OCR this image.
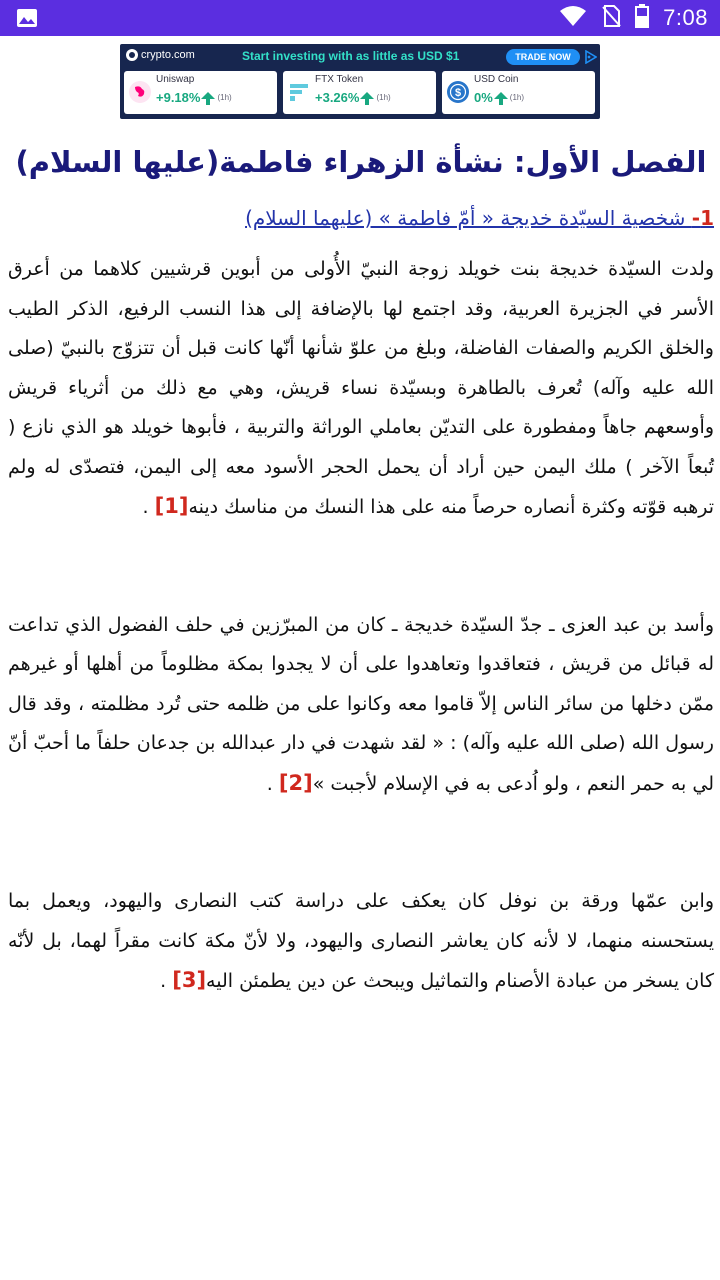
7:08
crypto.com	Start investing with as little as USD $1	TRADE NOW
Uniswap
+9.18% (1h)
FTX Token
+3.26% (1h)	$
USD Coin
0% (1h)
الفصل الأول: نشأة الزهراء فاطمة(عليها السلام)
1- شخصية السيّدة خديجة « أمّ فاطمة » (عليهما السلام)

ولدت السيّدة خديجة بنت خويلد زوجة النبيّ الأُولى من أبوين قرشيين كلاهما من أعرق الأسر في الجزيرة العربية، وقد اجتمع لها بالإضافة إلى هذا النسب الرفيع، الذكر الطيب والخلق الكريم والصفات الفاضلة، وبلغ من علوّ شأنها أنّها كانت قبل أن تتزوّج بالنبيّ (صلى الله عليه وآله) تُعرف بالطاهرة وبسيّدة نساء قريش، وهي مع ذلك من أثرياء قريش وأوسعهم جاهاً ومفطورة على التديّن بعاملي الوراثة والتربية ، فأبوها خويلد هو الذي نازع ( تُبعاً الآخر ) ملك اليمن حين أراد أن يحمل الحجر الأسود معه إلى اليمن، فتصدّى له ولم ترهبه قوّته وكثرة أنصاره حرصاً منه على هذا النسك من مناسك دينه[1] .

وأسد بن عبد العزى ـ جدّ السيّدة خديجة ـ كان من المبرّزين في حلف الفضول الذي تداعت له قبائل من قريش ، فتعاقدوا وتعاهدوا على أن لا يجدوا بمكة مظلوماً من أهلها أو غيرهم ممّن دخلها من سائر الناس إلاّ قاموا معه وكانوا على من ظلمه حتى تُرد مظلمته ، وقد قال رسول الله (صلى الله عليه وآله) : « لقد شهدت في دار عبدالله بن جدعان حلفاً ما أحبّ أنّ لي به حمر النعم ، ولو اُدعى به في الإسلام لأجبت »[2] .

وابن عمّها ورقة بن نوفل كان يعكف على دراسة كتب النصارى واليهود، ويعمل بما يستحسنه منهما، لا لأنه كان يعاشر النصارى واليهود، ولا لأنّ مكة كانت مقراً لهما، بل لأنّه كان يسخر من عبادة الأصنام والتماثيل ويبحث عن دين يطمئن اليه[3] .
